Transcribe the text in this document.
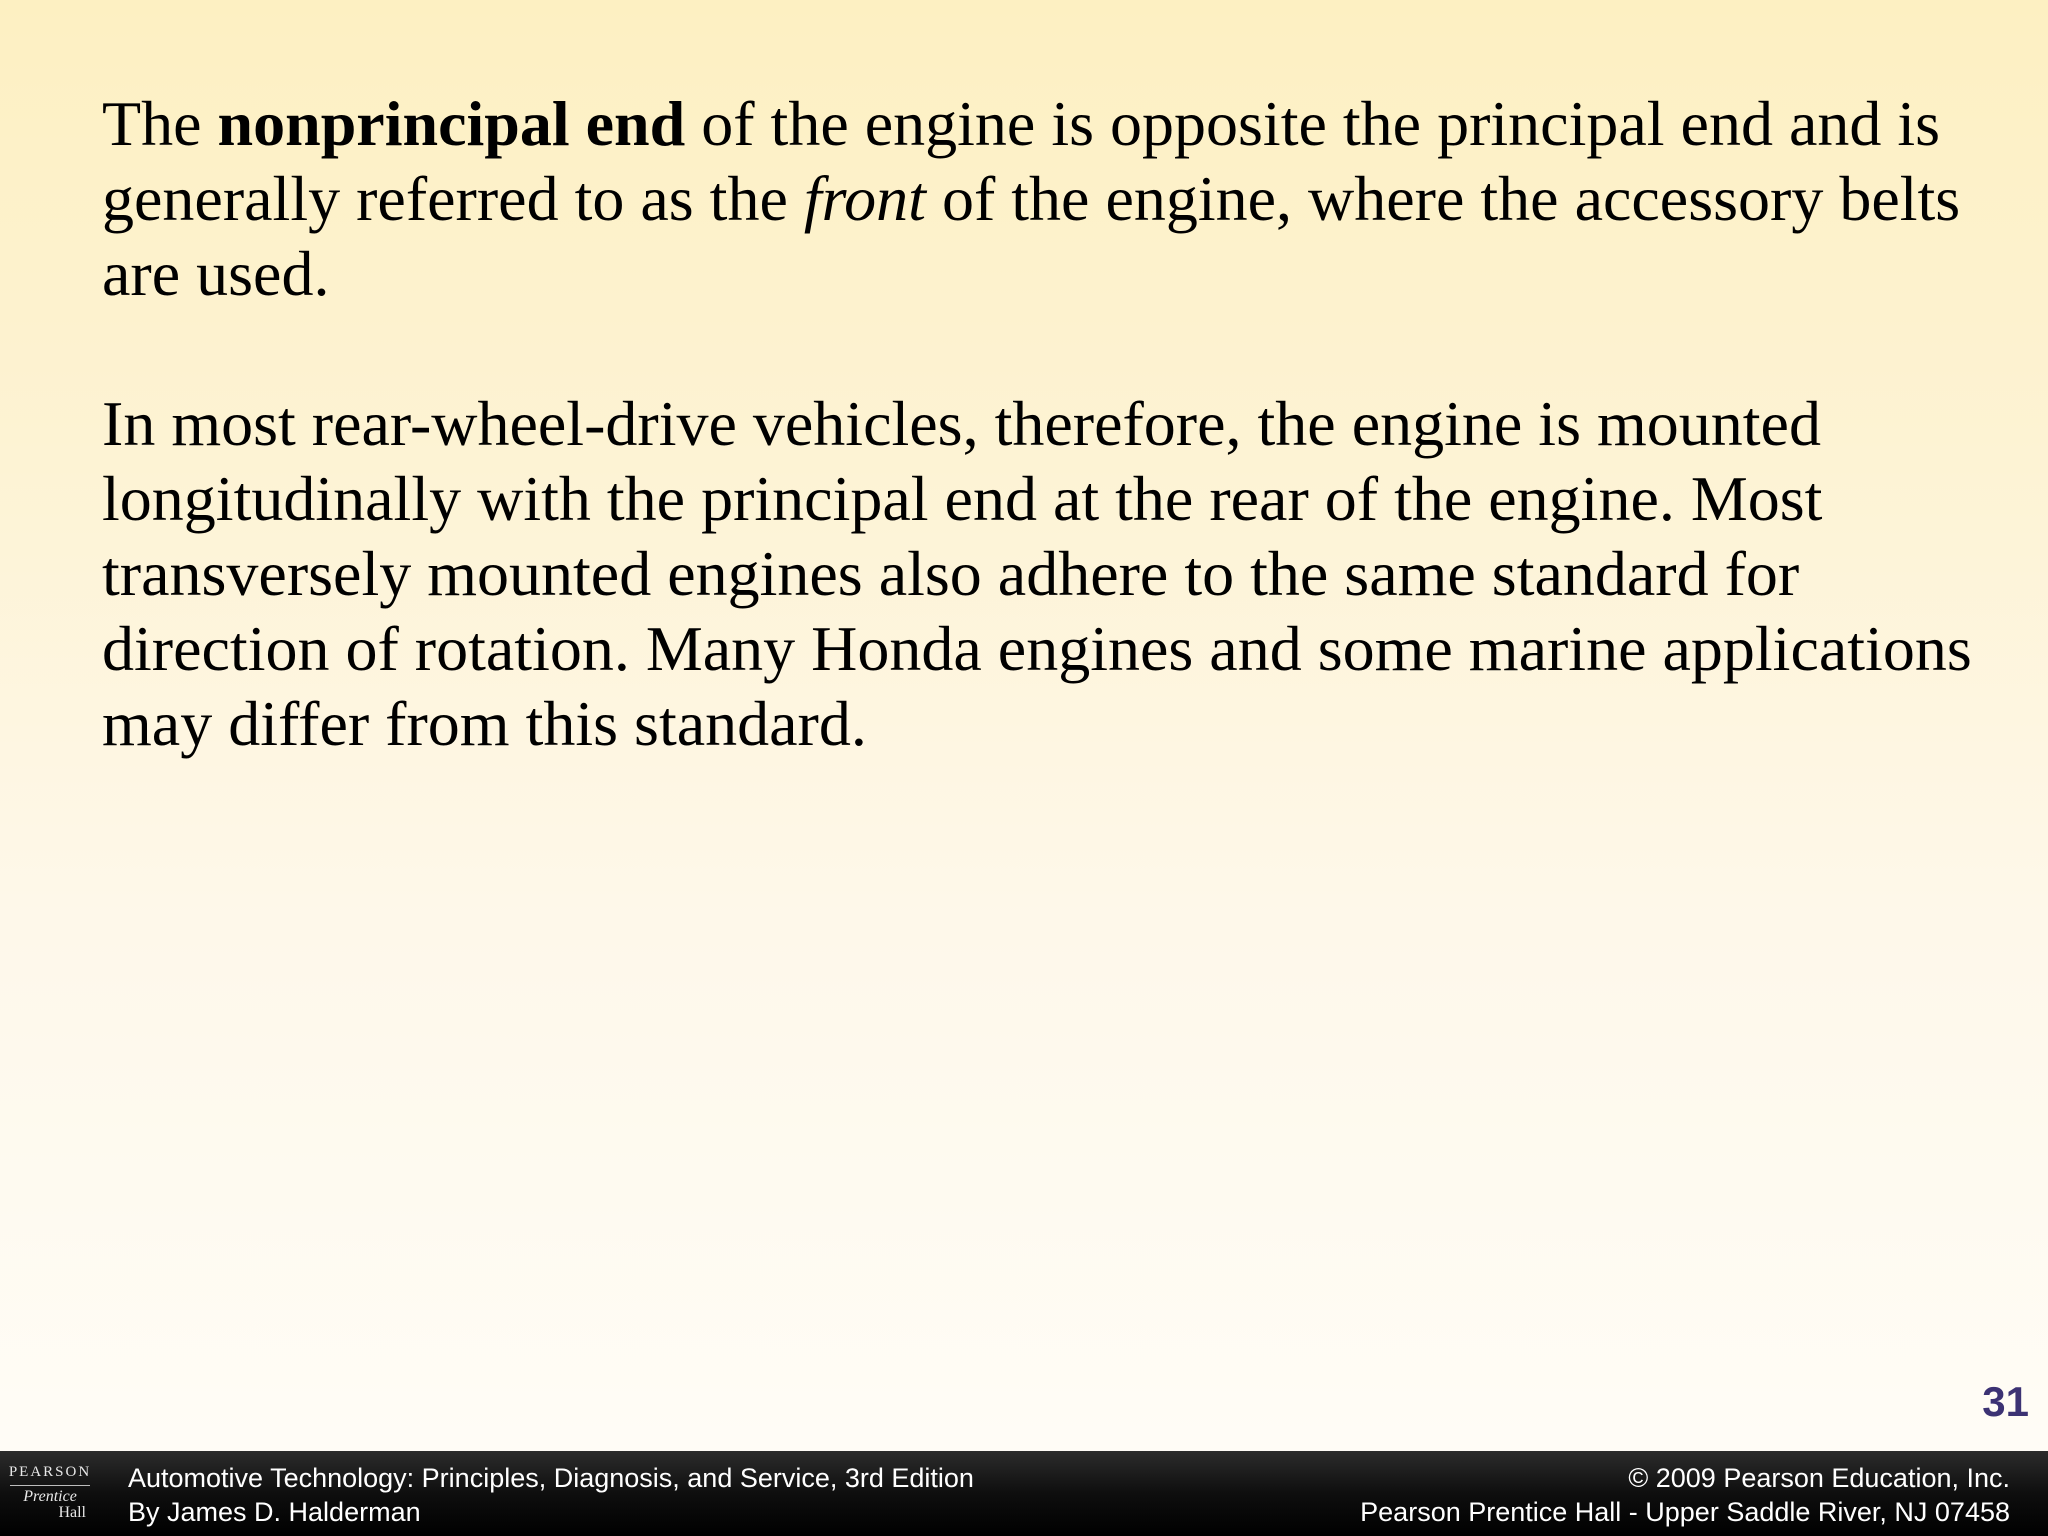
The nonprincipal end of the engine is opposite the principal end and is generally referred to as the front of the engine, where the accessory belts are used.

In most rear-wheel-drive vehicles, therefore, the engine is mounted longitudinally with the principal end at the rear of the engine. Most transversely mounted engines also adhere to the same standard for direction of rotation. Many Honda engines and some marine applications may differ from this standard.

31
PEARSON
Prentice
Hall
Automotive Technology: Principles, Diagnosis, and Service, 3rd Edition
By James D. Halderman
© 2009 Pearson Education, Inc.
Pearson Prentice Hall - Upper Saddle River, NJ 07458
